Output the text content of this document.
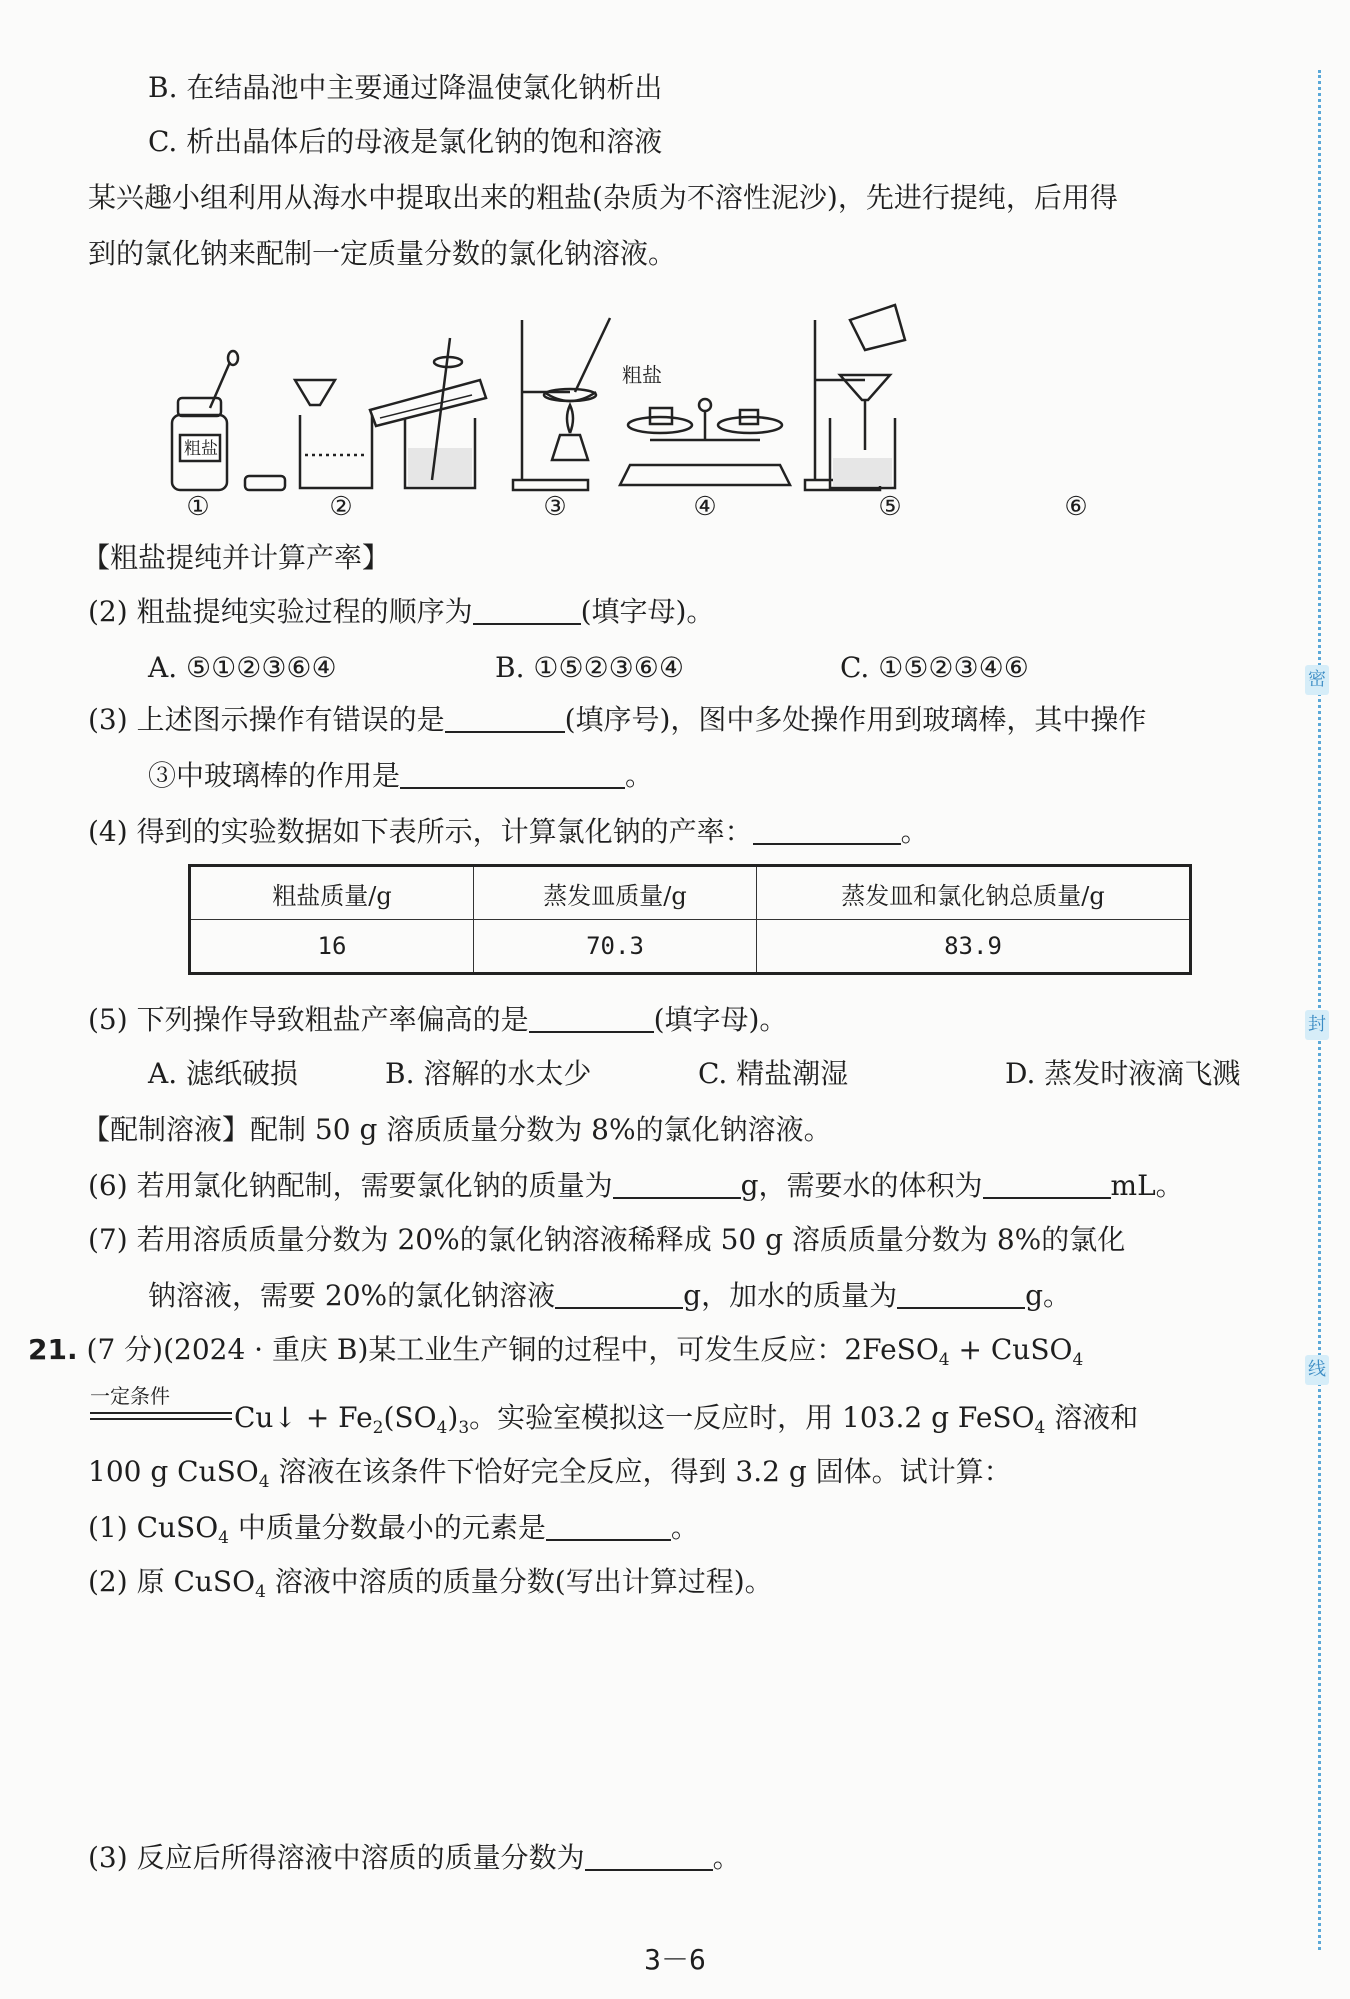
密
封
线
B. 在结晶池中主要通过降温使氯化钠析出
C. 析出晶体后的母液是氯化钠的饱和溶液
某兴趣小组利用从海水中提取出来的粗盐(杂质为不溶性泥沙)，先进行提纯，后用得
到的氯化钠来配制一定质量分数的氯化钠溶液。
粗盐
粗盐
①	②	③	④	⑤	⑥
【粗盐提纯并计算产率】
(2) 粗盐提纯实验过程的顺序为	(填字母)。
A. ⑤①②③⑥④	B. ①⑤②③⑥④	C. ①⑤②③④⑥
(3) 上述图示操作有错误的是	(填序号)，图中多处操作用到玻璃棒，其中操作
③中玻璃棒的作用是	。
(4) 得到的实验数据如下表所示，计算氯化钠的产率：	。
粗盐质量/g	蒸发皿质量/g	蒸发皿和氯化钠总质量/g
16	70.3	83.9
(5) 下列操作导致粗盐产率偏高的是	(填字母)。
A. 滤纸破损	B. 溶解的水太少	C. 精盐潮湿	D. 蒸发时液滴飞溅
【配制溶液】配制 50 g 溶质质量分数为 8%的氯化钠溶液。
(6) 若用氯化钠配制，需要氯化钠的质量为	g，需要水的体积为	mL。
(7) 若用溶质质量分数为 20%的氯化钠溶液稀释成 50 g 溶质质量分数为 8%的氯化
钠溶液，需要 20%的氯化钠溶液	g，加水的质量为	g。
21. (7 分)(2024 · 重庆 B)某工业生产铜的过程中，可发生反应：2FeSO$_4$ + CuSO$_4$
一定条件
Cu↓ + $Fe_2(SO_4)_3$。实验室模拟这一反应时，用 103.2 g FeSO$_4$ 溶液和
100 g CuSO$_4$ 溶液在该条件下恰好完全反应，得到 3.2 g 固体。试计算：
(1) CuSO$_4$ 中质量分数最小的元素是	。
(2) 原 CuSO$_4$ 溶液中溶质的质量分数(写出计算过程)。
(3) 反应后所得溶液中溶质的质量分数为	。
3－6
